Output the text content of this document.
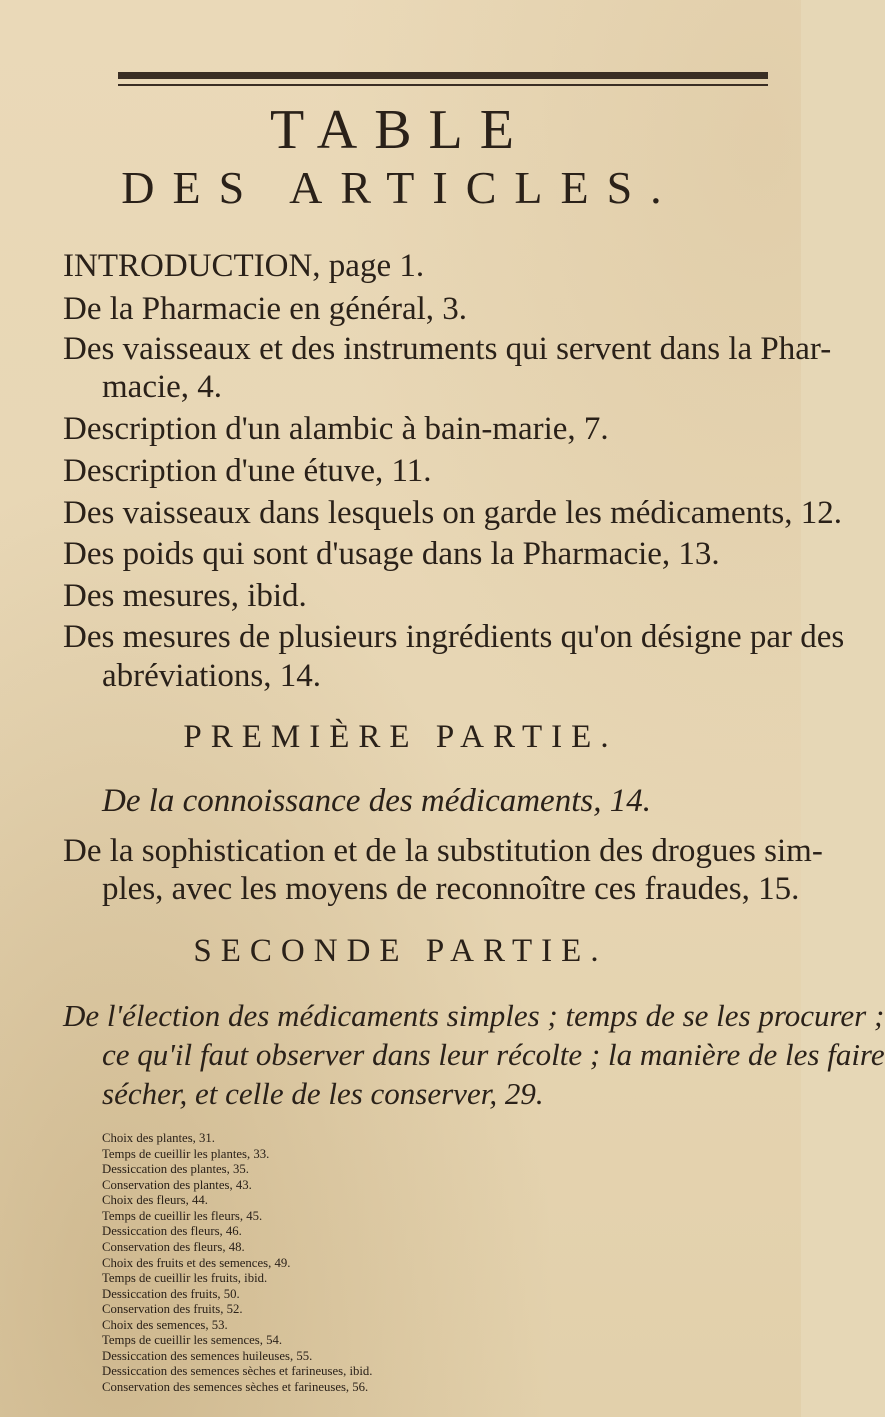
TABLE
DES ARTICLES.
INTRODUCTION, page 1.
De la Pharmacie en général, 3.
Des vaisseaux et des instruments qui servent dans la Phar-
macie, 4.
Description d'un alambic à bain-marie, 7.
Description d'une étuve, 11.
Des vaisseaux dans lesquels on garde les médicaments, 12.
Des poids qui sont d'usage dans la Pharmacie, 13.
Des mesures, ibid.
Des mesures de plusieurs ingrédients qu'on désigne par des
abréviations, 14.
PREMIÈRE PARTIE.
De la connoissance des médicaments, 14.
De la sophistication et de la substitution des drogues sim-
ples, avec les moyens de reconnoître ces fraudes, 15.
SECONDE PARTIE.
De l'élection des médicaments simples ; temps de se les procurer ;
ce qu'il faut observer dans leur récolte ; la manière de les faire
sécher, et celle de les conserver, 29.
Choix des plantes, 31.
Temps de cueillir les plantes, 33.
Dessiccation des plantes, 35.
Conservation des plantes, 43.
Choix des fleurs, 44.
Temps de cueillir les fleurs, 45.
Dessiccation des fleurs, 46.
Conservation des fleurs, 48.
Choix des fruits et des semences, 49.
Temps de cueillir les fruits, ibid.
Dessiccation des fruits, 50.
Conservation des fruits, 52.
Choix des semences, 53.
Temps de cueillir les semences, 54.
Dessiccation des semences huileuses, 55.
Dessiccation des semences sèches et farineuses, ibid.
Conservation des semences sèches et farineuses, 56.
